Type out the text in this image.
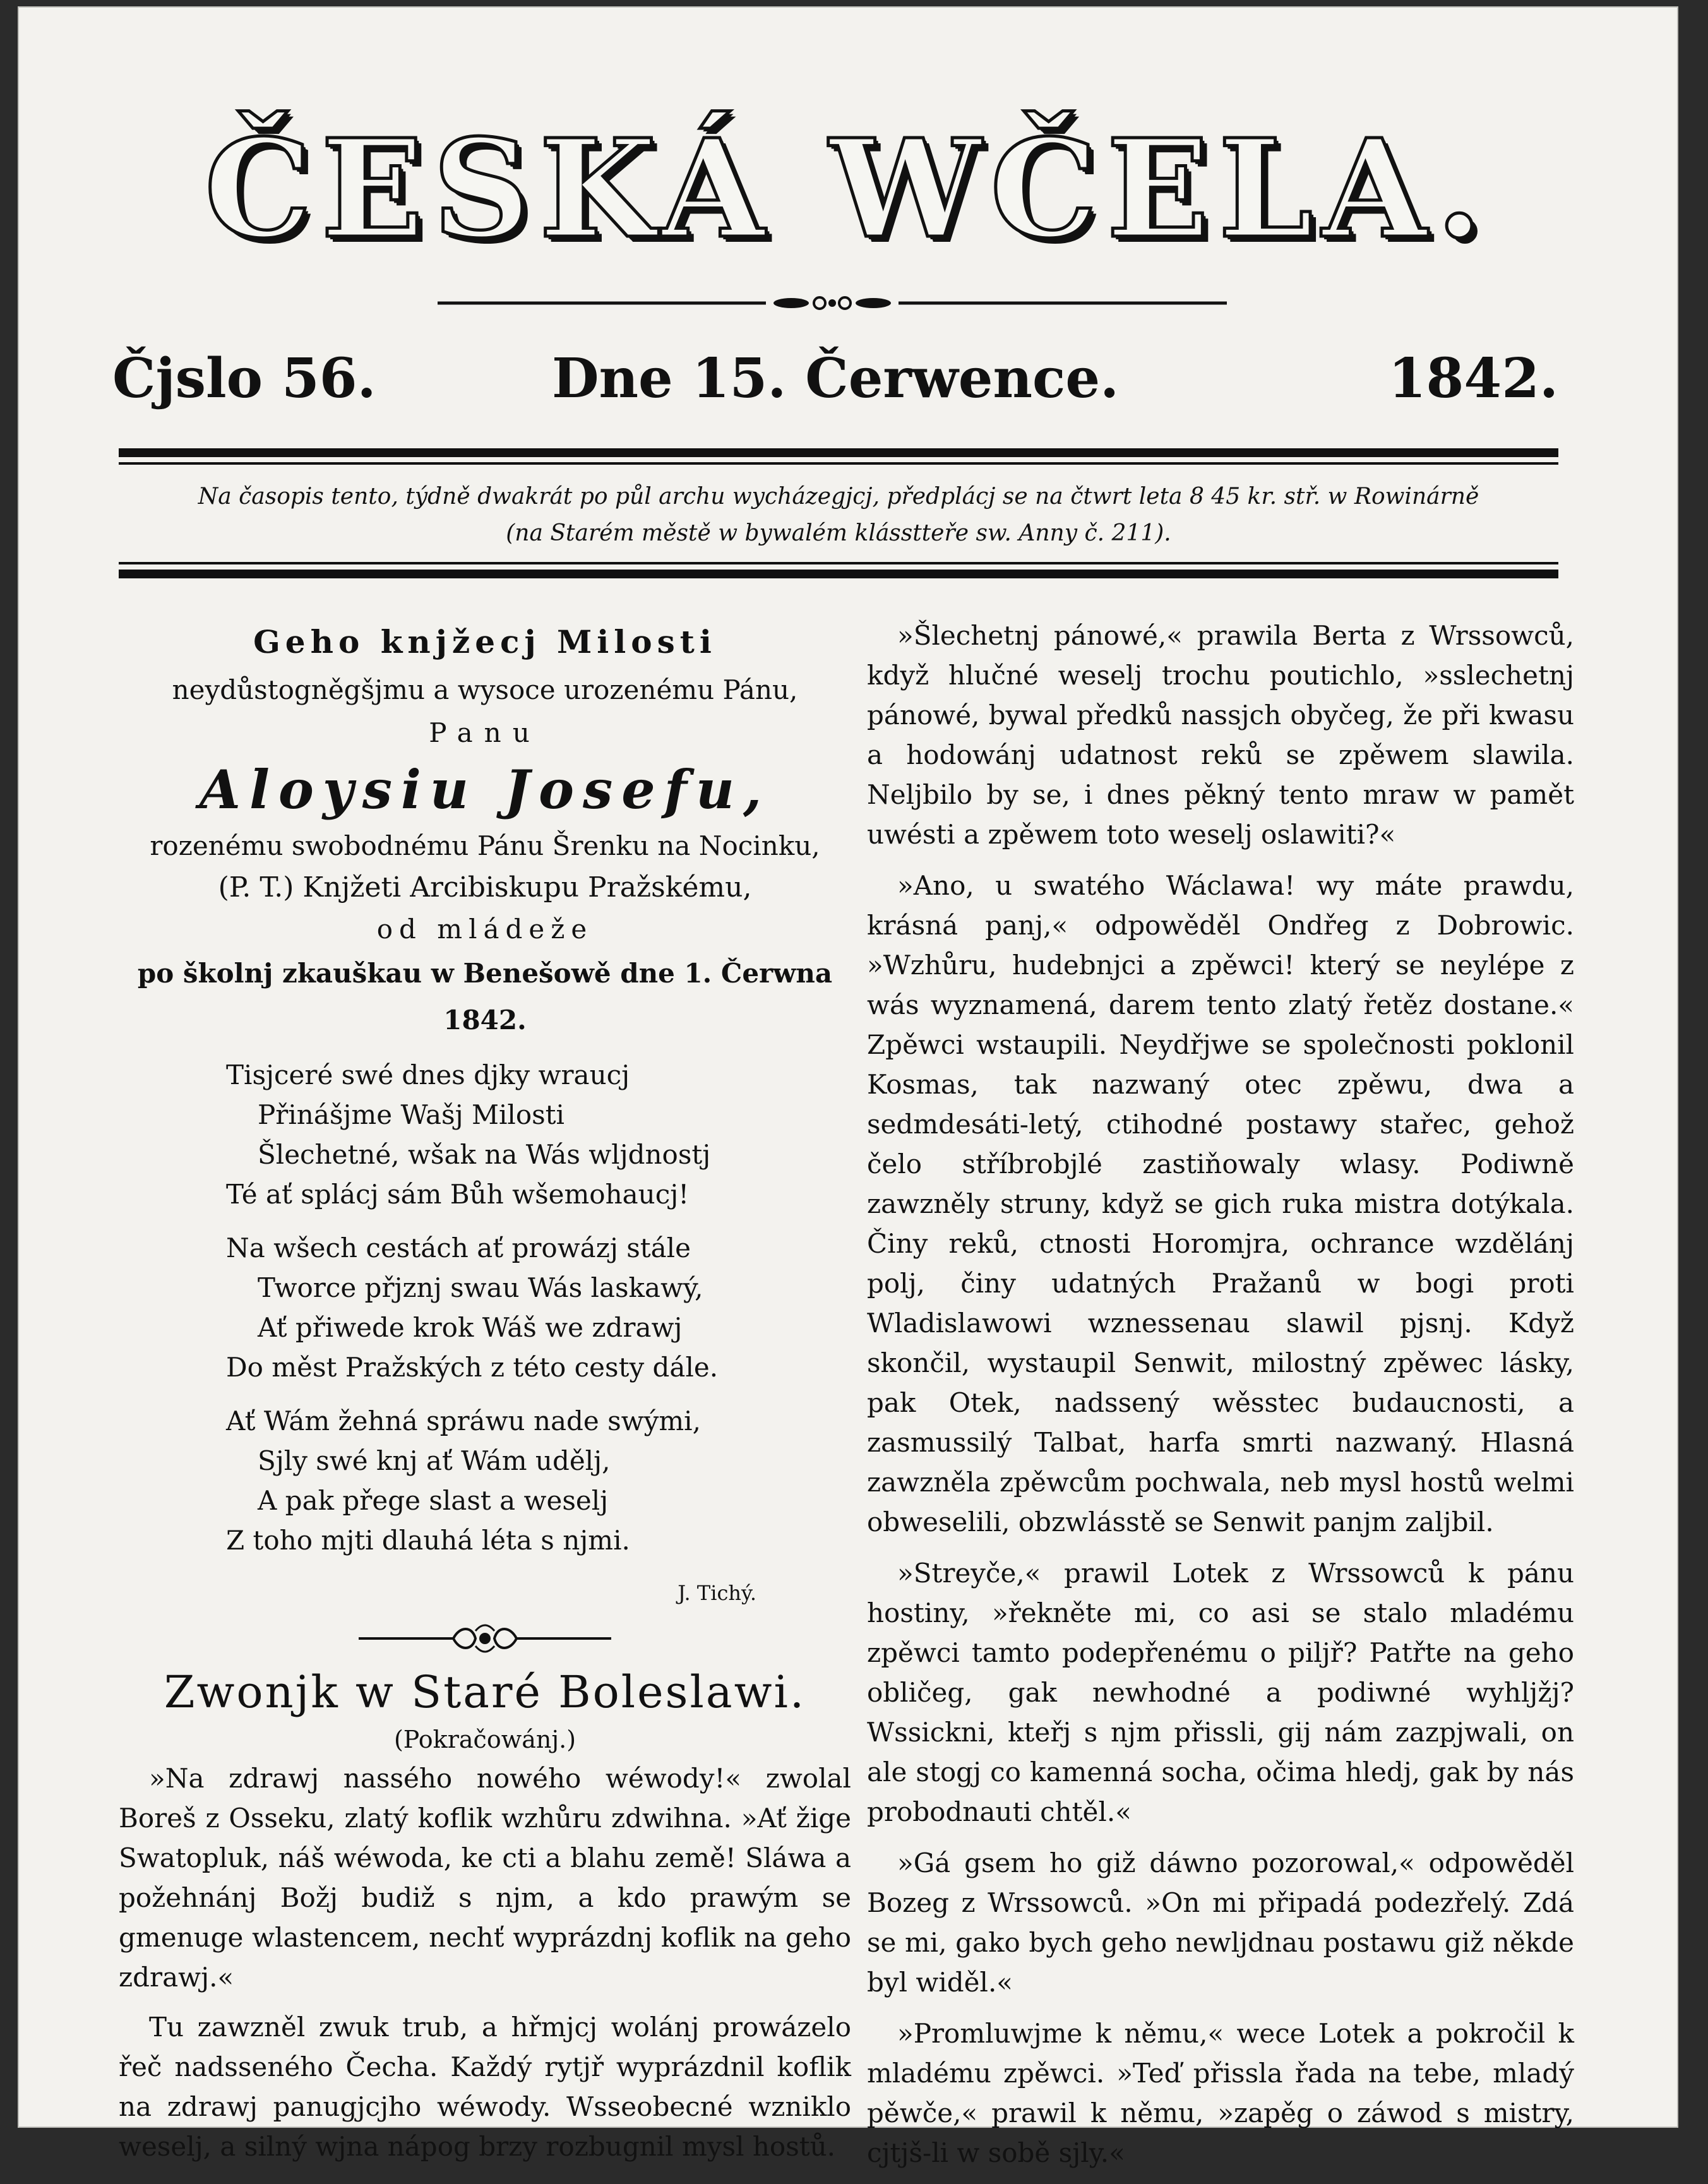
ČESKÁ WČELA.
Čjslo 56.	Dne 15. Čerwence.	1842.
Na časopis tento, týdně dwakrát po půl archu wycházegjcj, předplácj se na čtwrt leta 8 45 kr. stř. w Rowinárně
(na Starém městě w bywalém klásstteře sw. Anny č. 211).
Geho knjžecj Milosti
neydůstogněgšjmu a wysoce urozenému Pánu,
Panu
Aloysiu Josefu,
rozenému swobodnému Pánu Šrenku na Nocinku,
(P. T.) Knjžeti Arcibiskupu Pražskému,
od mládeže
po školnj zkauškau w Benešowě dne 1. Čerwna 1842.
Tisjceré swé dnes djky wraucj
Přinášjme Wašj Milosti
Šlechetné, wšak na Wás wljdnostj
Té ať splácj sám Bůh wšemohaucj!
Na wšech cestách ať prowázj stále
Tworce přjznj swau Wás laskawý,
Ať přiwede krok Wáš we zdrawj
Do měst Pražských z této cesty dále.
Ať Wám žehná spráwu nade swými,
Sjly swé knj ať Wám udělj,
A pak přege slast a weselj
Z toho mjti dlauhá léta s njmi.
J. Tichý.
Zwonjk w Staré Boleslawi.
(Pokračowánj.)

»Na zdrawj nassého nowého wéwody!« zwolal Boreš z Osseku, zlatý koflik wzhůru zdwihna. »Ať žige Swatopluk, náš wéwoda, ke cti a blahu země! Sláwa a požehnánj Božj budiž s njm, a kdo prawým se gmenuge wlastencem, nechť wyprázdnj koflik na geho zdrawj.«

Tu zawzněl zwuk trub, a hřmjcj wolánj prowázelo řeč nadsseného Čecha. Každý rytjř wyprázdnil koflik na zdrawj panugjcjho wéwody. Wsseobecné wzniklo weselj, a silný wjna nápog brzy rozbugnil mysl hostů.

»Šlechetnj pánowé,« prawila Berta z Wrssowců, když hlučné weselj trochu poutichlo, »sslechetnj pánowé, bywal předků nassjch obyčeg, že při kwasu a hodowánj udatnost reků se zpěwem slawila. Neljbilo by se, i dnes pěkný tento mraw w pamět uwésti a zpěwem toto weselj oslawiti?«

»Ano, u swatého Wáclawa! wy máte prawdu, krásná panj,« odpowěděl Ondřeg z Dobrowic. »Wzhůru, hudebnjci a zpěwci! který se neylépe z wás wyznamená, darem tento zlatý řetěz dostane.« Zpěwci wstaupili. Neydřjwe se společnosti poklonil Kosmas, tak nazwaný otec zpěwu, dwa a sedmdesáti-letý, ctihodné postawy stařec, gehož čelo stříbrobjlé zastiňowaly wlasy. Podiwně zawzněly struny, když se gich ruka mistra dotýkala. Činy reků, ctnosti Horomjra, ochrance wzdělánj polj, činy udatných Pražanů w bogi proti Wladislawowi wznessenau slawil pjsnj. Když skončil, wystaupil Senwit, milostný zpěwec lásky, pak Otek, nadssený wěsstec budaucnosti, a zasmussilý Talbat, harfa smrti nazwaný. Hlasná zawzněla zpěwcům pochwala, neb mysl hostů welmi obweselili, obzwlásstě se Senwit panjm zaljbil.

»Streyče,« prawil Lotek z Wrssowců k pánu hostiny, »řekněte mi, co asi se stalo mladému zpěwci tamto podepřenému o piljř? Patřte na geho obličeg, gak newhodné a podiwné wyhljžj? Wssickni, kteřj s njm přissli, gij nám zazpjwali, on ale stogj co kamenná socha, očima hledj, gak by nás probodnauti chtěl.«

»Gá gsem ho giž dáwno pozorowal,« odpowěděl Bozeg z Wrssowců. »On mi připadá podezřelý. Zdá se mi, gako bych geho newljdnau postawu giž někde byl widěl.«

»Promluwjme k němu,« wece Lotek a pokročil k mladému zpěwci. »Teď přissla řada na tebe, mladý pěwče,« prawil k němu, »zapěg o záwod s mistry, cjtjš-li w sobě sjly.«
